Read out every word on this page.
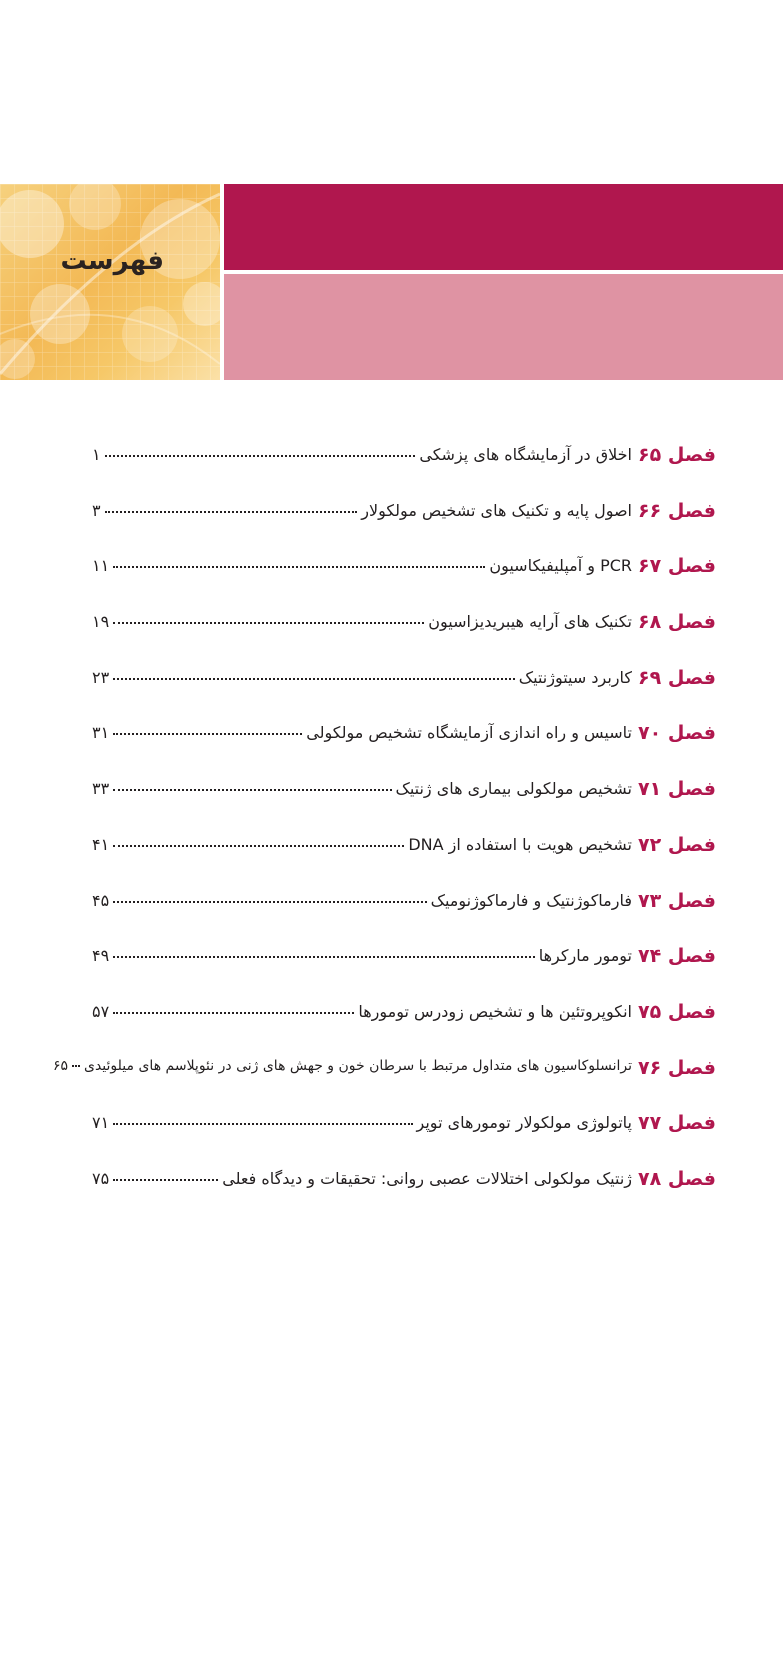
فهرست
فصل ۶۵
اخلاق در آزمایشگاه های پزشکی
۱
فصل ۶۶
اصول پایه و تکنیک های تشخیص مولکولار
۳
فصل ۶۷
PCR و آمپلیفیکاسیون
۱۱
فصل ۶۸
تکنیک های آرایه هیبریدیزاسیون
۱۹
فصل ۶۹
کاربرد سیتوژنتیک
۲۳
فصل ۷۰
تاسیس و راه اندازی آزمایشگاه تشخیص مولکولی
۳۱
فصل ۷۱
تشخیص مولکولی بیماری های ژنتیک
۳۳
فصل ۷۲
تشخیص هویت با استفاده از DNA
۴۱
فصل ۷۳
فارماکوژنتیک و فارماکوژنومیک
۴۵
فصل ۷۴
تومور مارکرها
۴۹
فصل ۷۵
انکوپروتئین ها و تشخیص زودرس تومورها
۵۷
فصل ۷۶
ترانسلوکاسیون های متداول مرتبط با سرطان خون و جهش های ژنی در نئوپلاسم های میلوئیدی
۶۵
فصل ۷۷
پاتولوژی مولکولار تومورهای توپر
۷۱
فصل ۷۸
ژنتیک مولکولی اختلالات عصبی روانی: تحقیقات و دیدگاه فعلی
۷۵
